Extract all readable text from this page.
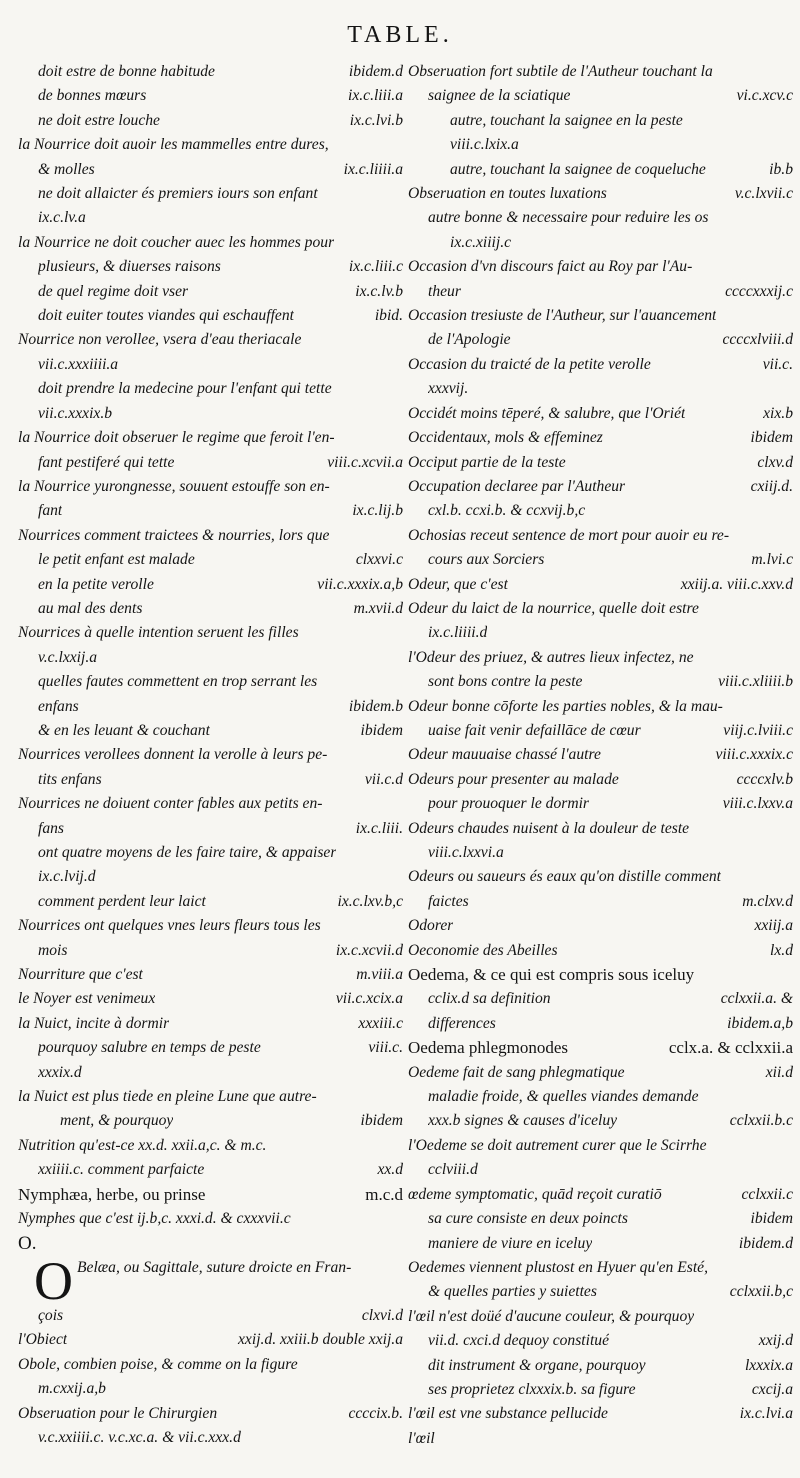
TABLE.
doit estre de bonne habitude	ibidem.d
de bonnes mœurs	ix.c.liii.a
ne doit estre louche	ix.c.lvi.b
la Nourrice doit auoir les mammelles entre dures,
& molles	ix.c.liiii.a
ne doit allaicter és premiers iours son enfant
ix.c.lv.a
la Nourrice ne doit coucher auec les hommes pour
plusieurs, & diuerses raisons	ix.c.liii.c
de quel regime doit vser	ix.c.lv.b
doit euiter toutes viandes qui eschauffent	ibid.
Nourrice non verollee, vsera d'eau theriacale
vii.c.xxxiiii.a
doit prendre la medecine pour l'enfant qui tette
vii.c.xxxix.b
la Nourrice doit obseruer le regime que feroit l'en-
fant pestiferé qui tette	viii.c.xcvii.a
la Nourrice yurongnesse, souuent estouffe son en-
fant	ix.c.lij.b
Nourrices comment traictees & nourries, lors que
le petit enfant est malade	clxxvi.c
en la petite verolle	vii.c.xxxix.a,b
au mal des dents	m.xvii.d
Nourrices à quelle intention seruent les filles
v.c.lxxij.a
quelles fautes commettent en trop serrant les
enfans	ibidem.b
& en les leuant & couchant	ibidem
Nourrices verollees donnent la verolle à leurs pe-
tits enfans	vii.c.d
Nourrices ne doiuent conter fables aux petits en-
fans	ix.c.liii.
ont quatre moyens de les faire taire, & appaiser
ix.c.lvij.d
comment perdent leur laict	ix.c.lxv.b,c
Nourrices ont quelques vnes leurs fleurs tous les
mois	ix.c.xcvii.d
Nourriture que c'est	m.viii.a
le Noyer est venimeux	vii.c.xcix.a
la Nuict, incite à dormir	xxxiii.c
pourquoy salubre en temps de peste	viii.c.
xxxix.d
la Nuict est plus tiede en pleine Lune que autre-
ment, & pourquoy	ibidem
Nutrition qu'est-ce xx.d. xxii.a,c. & m.c.
xxiiii.c. comment parfaicte	xx.d
Nymphæa, herbe, ou prinse	m.c.d
Nymphes que c'est ij.b,c. xxxi.d. & cxxxvii.c
O.
O Belæa, ou Sagittale, suture droicte en Fran-
çois	clxvi.d
l'Obiect	xxij.d. xxiii.b double xxij.a
Obole, combien poise, & comme on la figure
m.cxxij.a,b
Obseruation pour le Chirurgien	ccccix.b.
v.c.xxiiii.c. v.c.xc.a. & vii.c.xxx.d
Obseruation fort subtile de l'Autheur touchant la
saignee de la sciatique	vi.c.xcv.c
autre, touchant la saignee en la peste
viii.c.lxix.a
autre, touchant la saignee de coqueluche	ib.b
Obseruation en toutes luxations	v.c.lxvii.c
autre bonne & necessaire pour reduire les os
ix.c.xiiij.c
Occasion d'vn discours faict au Roy par l'Au-
theur	ccccxxxij.c
Occasion tresiuste de l'Autheur, sur l'auancement
de l'Apologie	ccccxlviii.d
Occasion du traicté de la petite verolle	vii.c.
xxxvij.
Occidét moins tēperé, & salubre, que l'Oriét	xix.b
Occidentaux, mols & effeminez	ibidem
Occiput partie de la teste	clxv.d
Occupation declaree par l'Autheur	cxiij.d.
cxl.b. ccxi.b. & ccxvij.b,c
Ochosias receut sentence de mort pour auoir eu re-
cours aux Sorciers	m.lvi.c
Odeur, que c'est	xxiij.a. viii.c.xxv.d
Odeur du laict de la nourrice, quelle doit estre
ix.c.liiii.d
l'Odeur des priuez, & autres lieux infectez, ne
sont bons contre la peste	viii.c.xliiii.b
Odeur bonne cōforte les parties nobles, & la mau-
uaise fait venir defaillāce de cœur	viij.c.lviii.c
Odeur mauuaise chassé l'autre	viii.c.xxxix.c
Odeurs pour presenter au malade	ccccxlv.b
pour prouoquer le dormir	viii.c.lxxv.a
Odeurs chaudes nuisent à la douleur de teste
viii.c.lxxvi.a
Odeurs ou saueurs és eaux qu'on distille comment
faictes	m.clxv.d
Odorer	xxiij.a
Oeconomie des Abeilles	lx.d
Oedema, & ce qui est compris sous iceluy
cclix.d sa definition	cclxxii.a. &
differences	ibidem.a,b
Oedema phlegmonodes	cclx.a. & cclxxii.a
Oedeme fait de sang phlegmatique	xii.d
maladie froide, & quelles viandes demande
xxx.b signes & causes d'iceluy	cclxxii.b.c
l'Oedeme se doit autrement curer que le Scirrhe
cclviii.d
œdeme symptomatic, quād reçoit curatiō	cclxxii.c
sa cure consiste en deux poincts	ibidem
maniere de viure en iceluy	ibidem.d
Oedemes viennent plustost en Hyuer qu'en Esté,
& quelles parties y suiettes	cclxxii.b,c
l'œil n'est doüé d'aucune couleur, & pourquoy
vii.d. cxci.d dequoy constitué	xxij.d
dit instrument & organe, pourquoy	lxxxix.a
ses proprietez clxxxix.b. sa figure	cxcij.a
l'œil est vne substance pellucide	ix.c.lvi.a
l'œil
